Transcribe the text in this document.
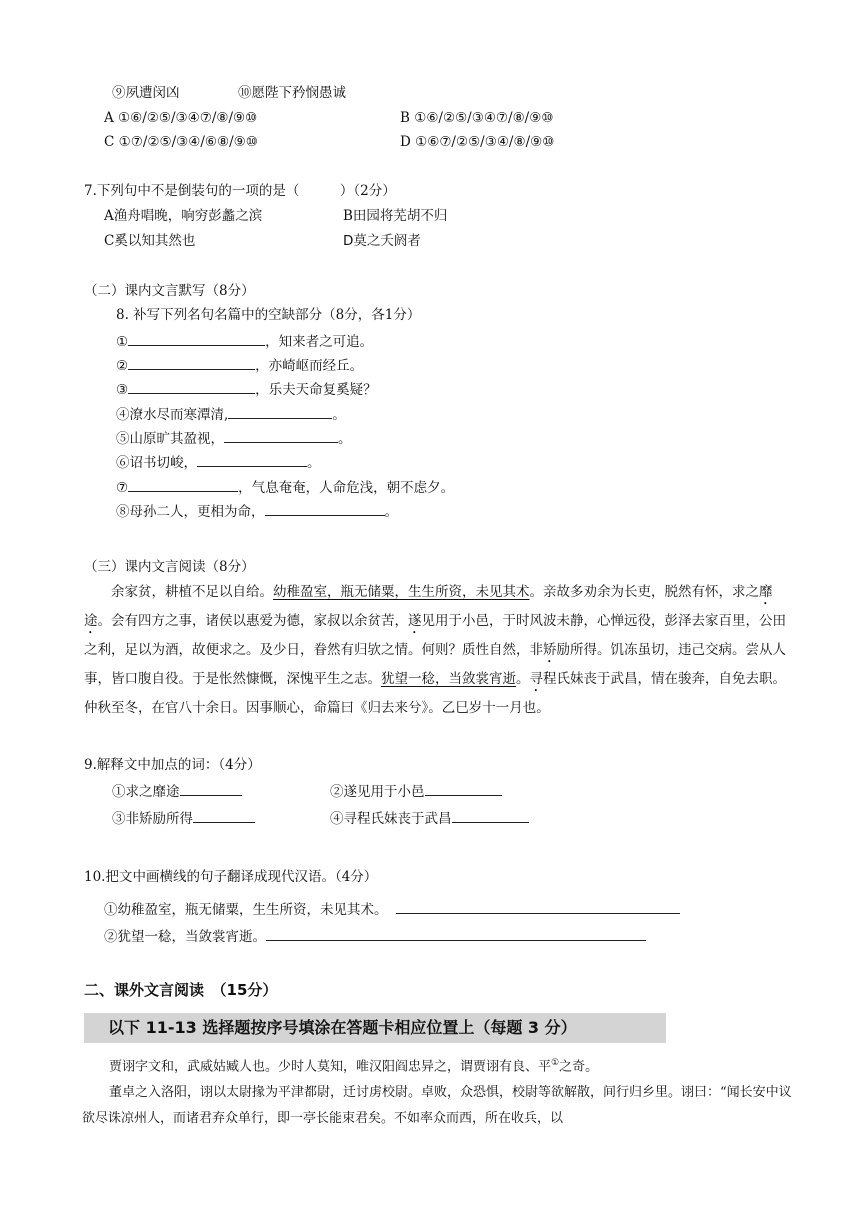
⑨夙遭闵凶	⑩愿陛下矜悯愚诚
A ①⑥/②⑤/③④⑦/⑧/⑨⑩	B ①⑥/②⑤/③④⑦/⑧/⑨⑩
C ①⑦/②⑤/③④/⑥⑧/⑨⑩	D ①⑥⑦/②⑤/③④/⑧/⑨⑩
7.下列句中不是倒装句的一项的是（　　　）（2分）
A渔舟唱晚，响穷彭蠡之滨	B田园将芜胡不归
C奚以知其然也	D莫之夭阏者
（二）课内文言默写（8分）
8. 补写下列名句名篇中的空缺部分（8分，各1分）
①	，知来者之可追。
②	，亦崎岖而经丘。
③	，乐夫天命复奚疑？
④潦水尽而寒潭清,	。
⑤山原旷其盈视，	。
⑥诏书切峻，	。
⑦	，气息奄奄，人命危浅，朝不虑夕。
⑧母孙二人，更相为命，	。
（三）课内文言阅读（8分）
余家贫，耕植不足以自给。幼稚盈室，瓶无储粟，生生所资，未见其术。亲故多劝余为长吏，脱然有怀，求之靡途。会有四方之事，诸侯以惠爱为德，家叔以余贫苦，遂见用于小邑，于时风波未静，心惮远役，彭泽去家百里，公田之利，足以为酒，故便求之。及少日，眷然有归欤之情。何则？质性自然，非矫励所得。饥冻虽切，违己交病。尝从人事，皆口腹自役。于是怅然慷慨，深愧平生之志。犹望一稔，当敛裳宵逝。寻程氏妹丧于武昌，情在骏奔，自免去职。仲秋至冬，在官八十余日。因事顺心，命篇曰《归去来兮》。乙巳岁十一月也。
9.解释文中加点的词：（4分）
①求之靡途	②遂见用于小邑
③非矫励所得	④寻程氏妹丧于武昌
10.把文中画横线的句子翻译成现代汉语。（4分）
①幼稚盈室，瓶无储粟，生生所资，未见其术。
②犹望一稔，当敛裳宵逝。
二、课外文言阅读　（15分）
以下 11-13 选择题按序号填涂在答题卡相应位置上（每题 3 分）
贾诩字文和，武威姑臧人也。少时人莫知，唯汉阳阎忠异之，谓贾诩有良、平①之奇。
董卓之入洛阳，诩以太尉掾为平津都尉，迁讨虏校尉。卓败，众恐惧，校尉等欲解散，间行归乡里。诩曰：“闻长安中议欲尽诛凉州人，而诸君弃众单行，即一亭长能束君矣。不如率众而西，所在收兵，以
